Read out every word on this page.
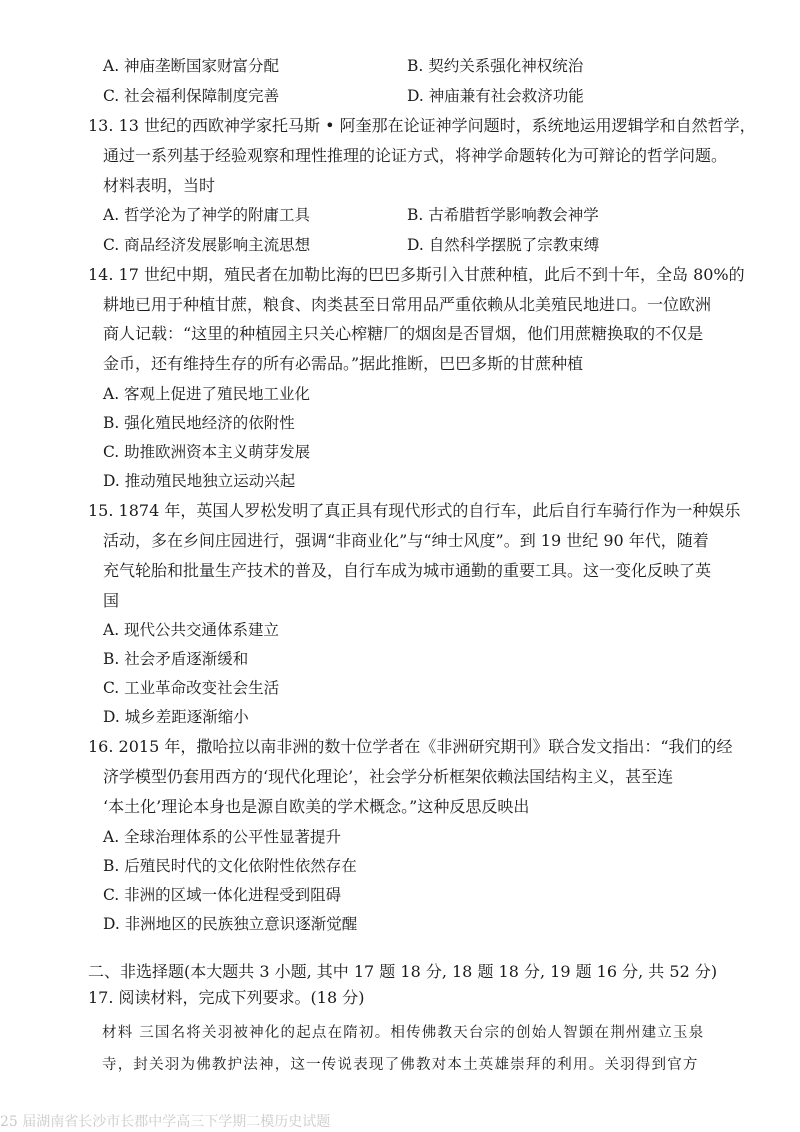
A. 神庙垄断国家财富分配	B. 契约关系强化神权统治
C. 社会福利保障制度完善	D. 神庙兼有社会救济功能
13. 13 世纪的西欧神学家托马斯 • 阿奎那在论证神学问题时，系统地运用逻辑学和自然哲学，
通过一系列基于经验观察和理性推理的论证方式，将神学命题转化为可辩论的哲学问题。
材料表明，当时
A. 哲学沦为了神学的附庸工具	B. 古希腊哲学影响教会神学
C. 商品经济发展影响主流思想	D. 自然科学摆脱了宗教束缚
14. 17 世纪中期，殖民者在加勒比海的巴巴多斯引入甘蔗种植，此后不到十年，全岛 80%的
耕地已用于种植甘蔗，粮食、肉类甚至日常用品严重依赖从北美殖民地进口。一位欧洲
商人记载：“这里的种植园主只关心榨糖厂的烟囱是否冒烟，他们用蔗糖换取的不仅是
金币，还有维持生存的所有必需品。”据此推断，巴巴多斯的甘蔗种植
A. 客观上促进了殖民地工业化
B. 强化殖民地经济的依附性
C. 助推欧洲资本主义萌芽发展
D. 推动殖民地独立运动兴起
15. 1874 年，英国人罗松发明了真正具有现代形式的自行车，此后自行车骑行作为一种娱乐
活动，多在乡间庄园进行，强调“非商业化”与“绅士风度”。到 19 世纪 90 年代，随着
充气轮胎和批量生产技术的普及，自行车成为城市通勤的重要工具。这一变化反映了英
国
A. 现代公共交通体系建立
B. 社会矛盾逐渐缓和
C. 工业革命改变社会生活
D. 城乡差距逐渐缩小
16. 2015 年，撒哈拉以南非洲的数十位学者在《非洲研究期刊》联合发文指出：“我们的经
济学模型仍套用西方的‘现代化理论’，社会学分析框架依赖法国结构主义，甚至连
‘本土化’理论本身也是源自欧美的学术概念。”这种反思反映出
A. 全球治理体系的公平性显著提升
B. 后殖民时代的文化依附性依然存在
C. 非洲的区域一体化进程受到阻碍
D. 非洲地区的民族独立意识逐渐觉醒
二、非选择题(本大题共 3 小题, 其中 17 题 18 分, 18 题 18 分, 19 题 16 分, 共 52 分)
17. 阅读材料，完成下列要求。(18 分)
材料 三国名将关羽被神化的起点在隋初。相传佛教天台宗的创始人智顗在荆州建立玉泉
寺，封关羽为佛教护法神，这一传说表现了佛教对本土英雄崇拜的利用。关羽得到官方
25 届湖南省长沙市长郡中学高三下学期二模历史试题
